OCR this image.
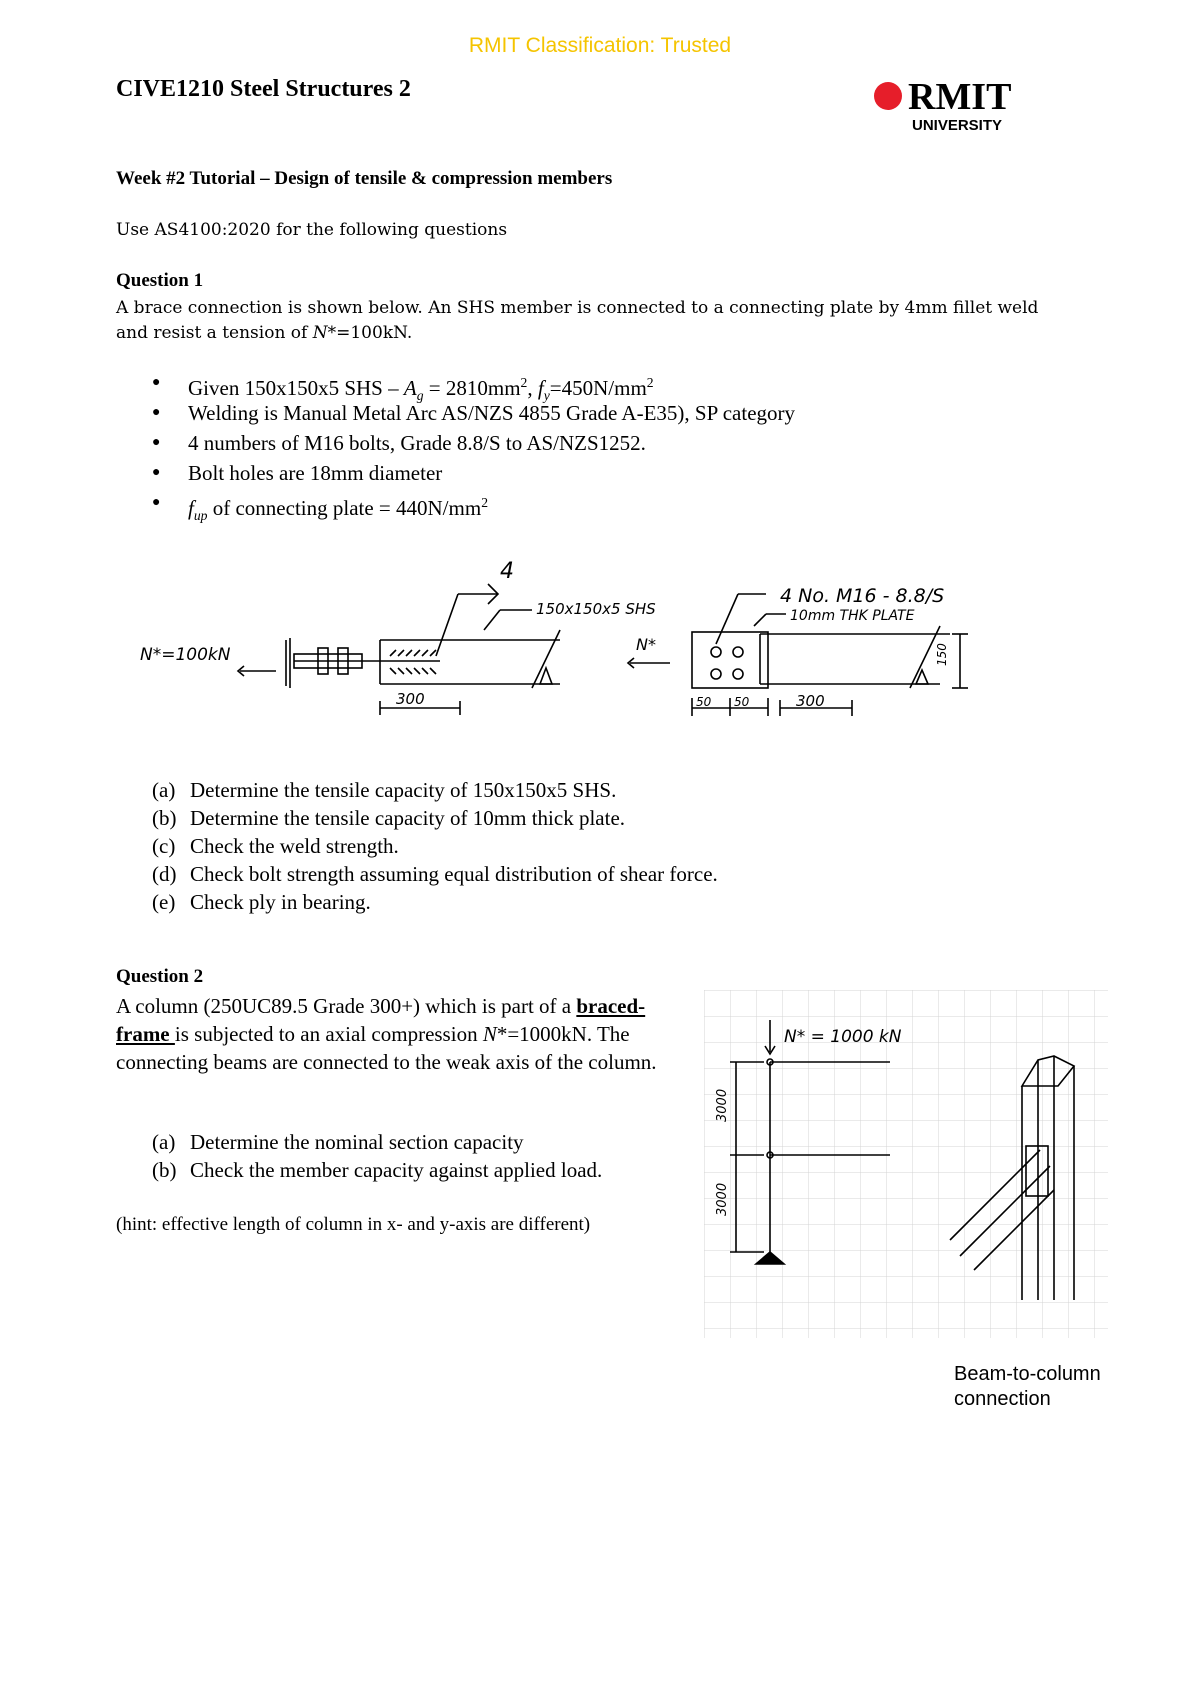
RMIT Classification: Trusted
CIVE1210 Steel Structures 2	RMIT
UNIVERSITY
Week #2 Tutorial – Design of tensile & compression members
Use AS4100:2020 for the following questions
Question 1
A brace connection is shown below. An SHS member is connected to a connecting plate by 4mm fillet weld and resist a tension of N*=100kN.
● Given 150x150x5 SHS – $A_g = 2810mm^2$, $f_y=450N/mm^2$
● Welding is Manual Metal Arc AS/NZS 4855 Grade A-E35), SP category
● 4 numbers of M16 bolts, Grade 8.8/S to AS/NZS1252.
● Bolt holes are 18mm diameter
● $f_{up}$ of connecting plate = $440N/mm^2$
4
150x150x5 SHS
N*=100kN
300
4 No. M16 - 8.8/S
10mm THK PLATE
N*
50 50	300
150
(a) Determine the tensile capacity of 150x150x5 SHS.
(b) Determine the tensile capacity of 10mm thick plate.
(c) Check the weld strength.
(d) Check bolt strength assuming equal distribution of shear force.
(e) Check ply in bearing.
Question 2
A column (250UC89.5 Grade 300+) which is part of a braced-frame is subjected to an axial compression N*=1000kN. The connecting beams are connected to the weak axis of the column.
(a) Determine the nominal section capacity
(b) Check the member capacity against applied load.
(hint: effective length of column in x- and y-axis are different)
N* = 1000 kN
3000
3000
Beam-to-column
connection
